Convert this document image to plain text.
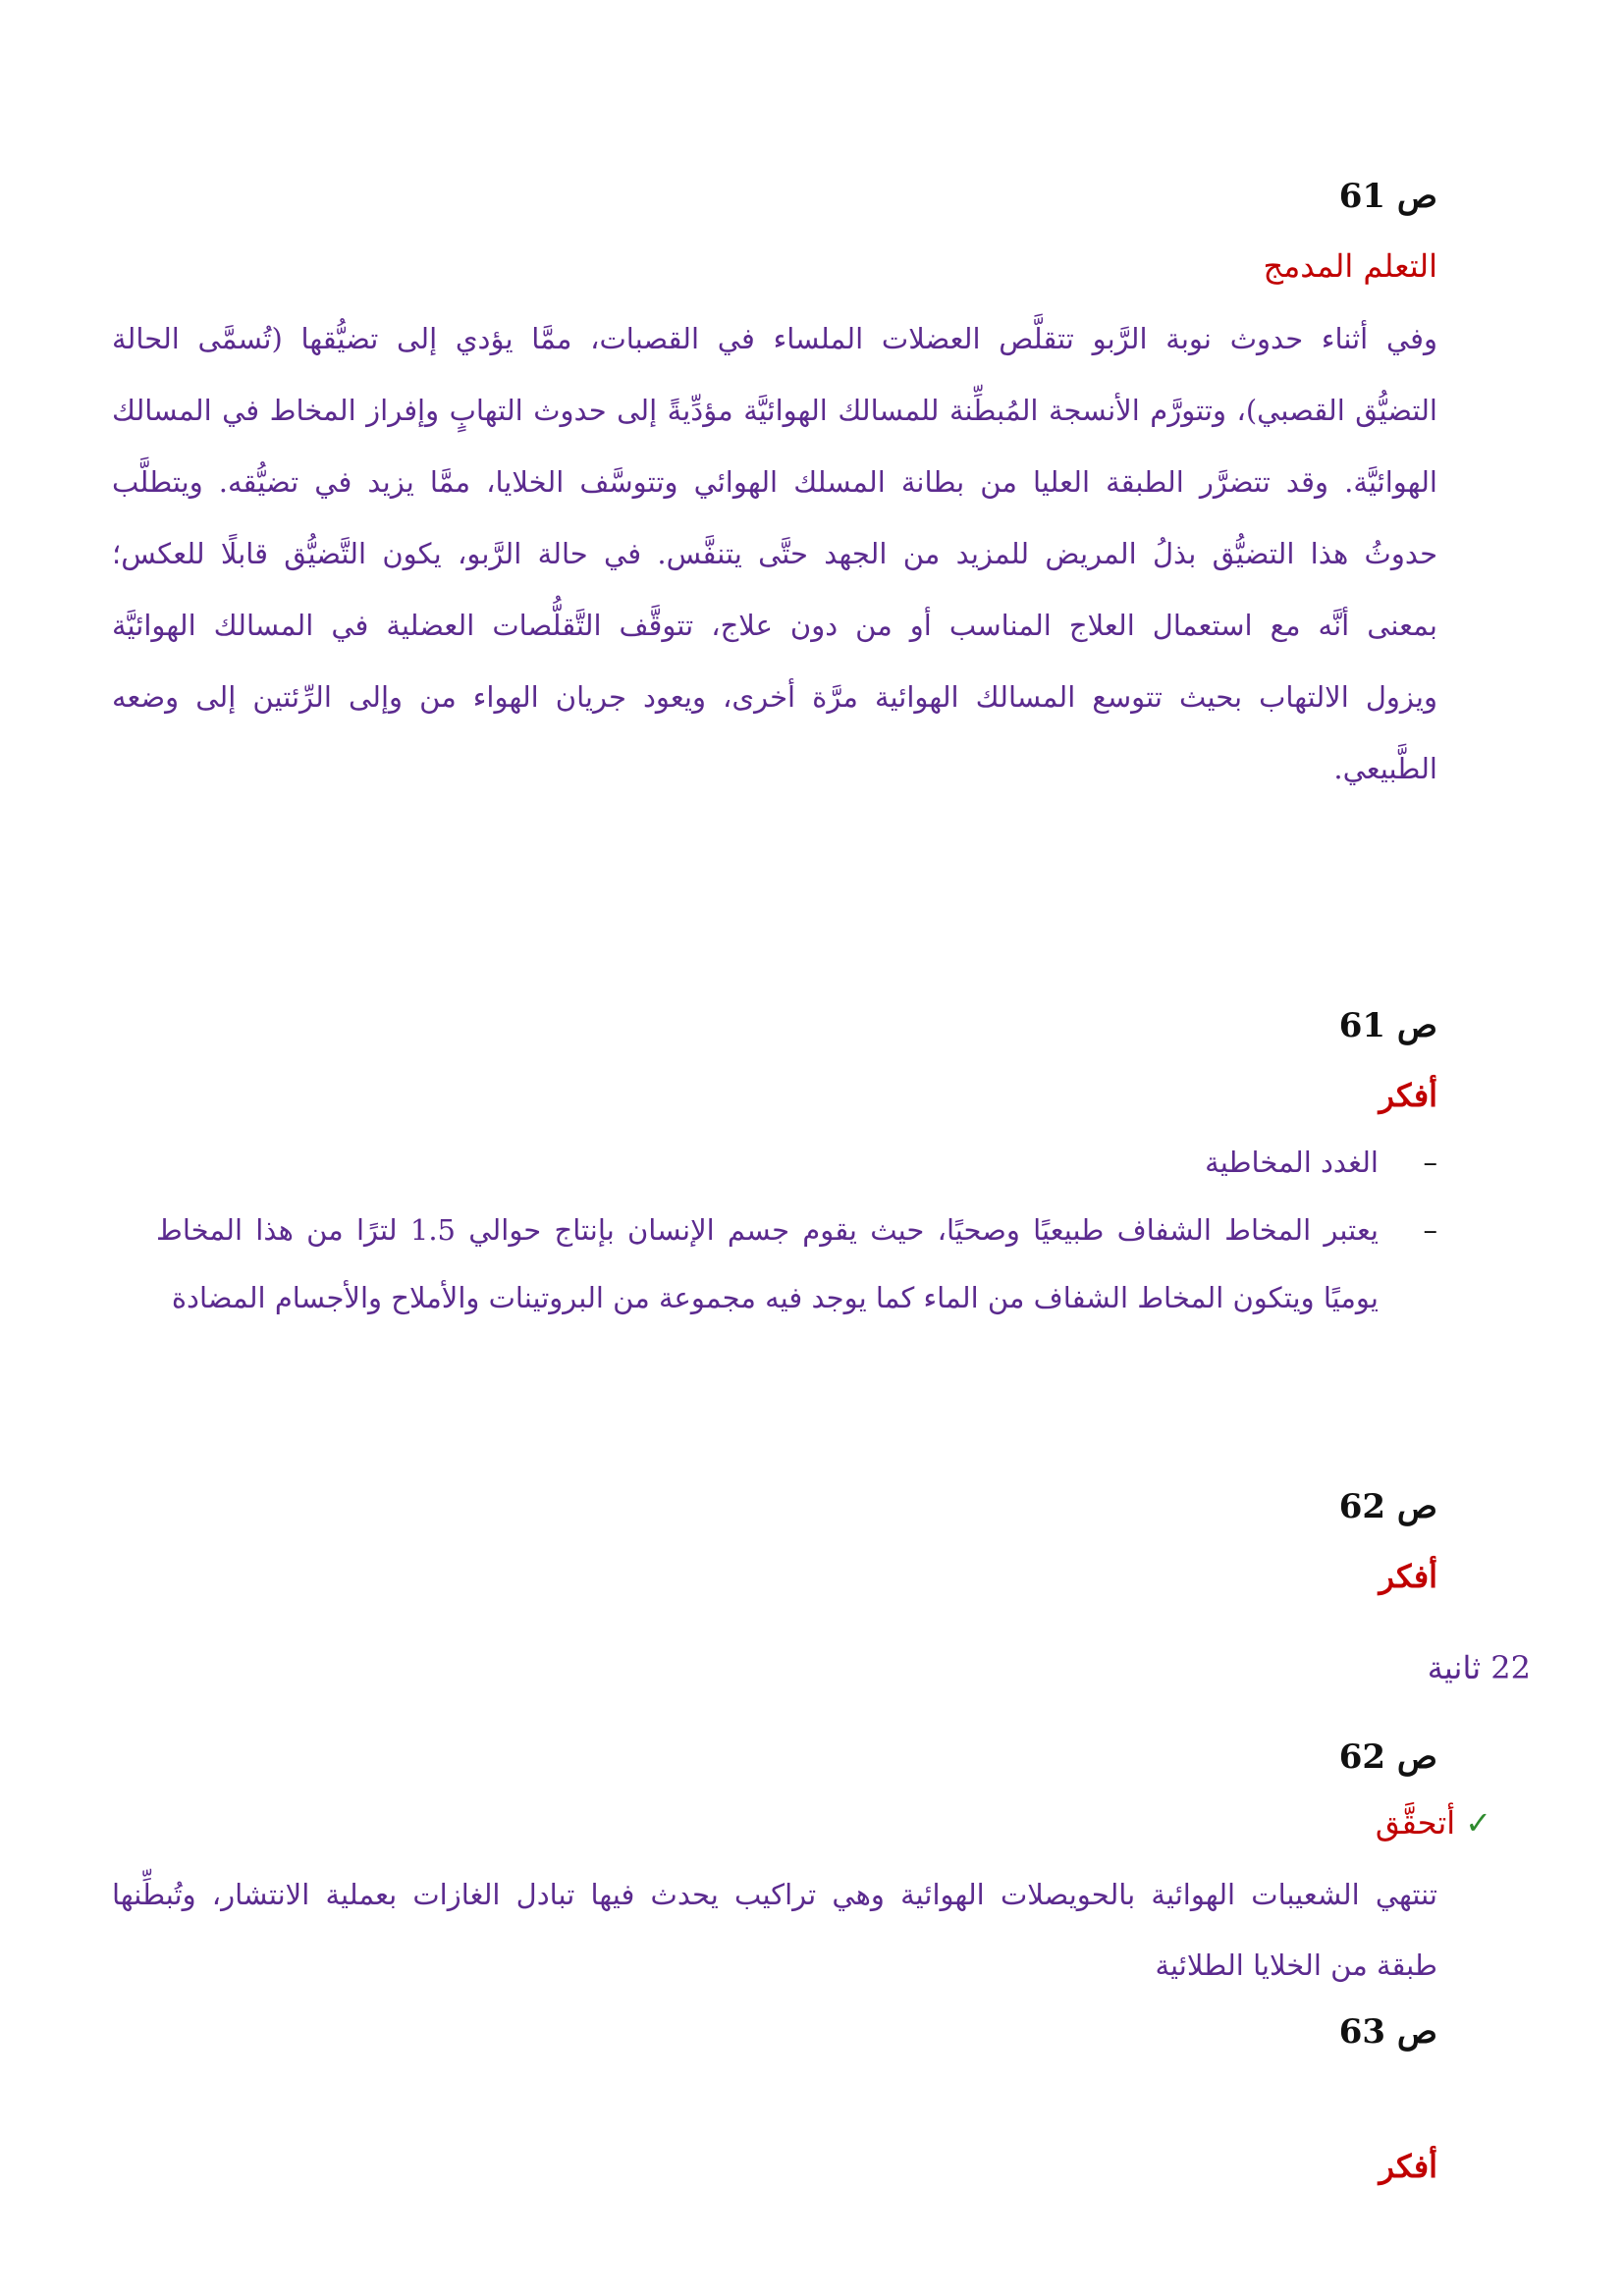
ص 61
التعلم المدمج
وفي أثناء حدوث نوبة الرَّبو تتقلَّص العضلات الملساء في القصبات، ممَّا يؤدي إلى تضيُّقها (تُسمَّى الحالة
التضيُّق القصبي)، وتتورَّم الأنسجة المُبطِّنة للمسالك الهوائيَّة مؤدِّيةً إلى حدوث التهابٍ وإفراز المخاط في المسالك
الهوائيَّة. وقد تتضرَّر الطبقة العليا من بطانة المسلك الهوائي وتتوسَّف الخلايا، ممَّا يزيد في تضيُّقه. ويتطلَّب
حدوثُ هذا التضيُّق بذلُ المريض للمزيد من الجهد حتَّى يتنفَّس. في حالة الرَّبو، يكون التَّضيُّق قابلًا للعكس؛
بمعنى أنَّه مع استعمال العلاج المناسب أو من دون علاج، تتوقَّف التَّقلُّصات العضلية في المسالك الهوائيَّة
ويزول الالتهاب بحيث تتوسع المسالك الهوائية مرَّة أخرى، ويعود جريان الهواء من وإلى الرِّئتين إلى وضعه
الطَّبيعي.
ص 61
أفكر
–
الغدد المخاطية
–
يعتبر المخاط الشفاف طبيعيًا وصحيًا، حيث يقوم جسم الإنسان بإنتاج حوالي 1.5 لترًا من هذا المخاط
يوميًا ويتكون المخاط الشفاف من الماء كما يوجد فيه مجموعة من البروتينات والأملاح والأجسام المضادة
ص 62
أفكر
22 ثانية
ص 62
✓أتحقَّق
تنتهي الشعيبات الهوائية بالحويصلات الهوائية وهي تراكيب يحدث فيها تبادل الغازات بعملية الانتشار، وتُبطِّنها
طبقة من الخلايا الطلائية
ص 63
أفكر
